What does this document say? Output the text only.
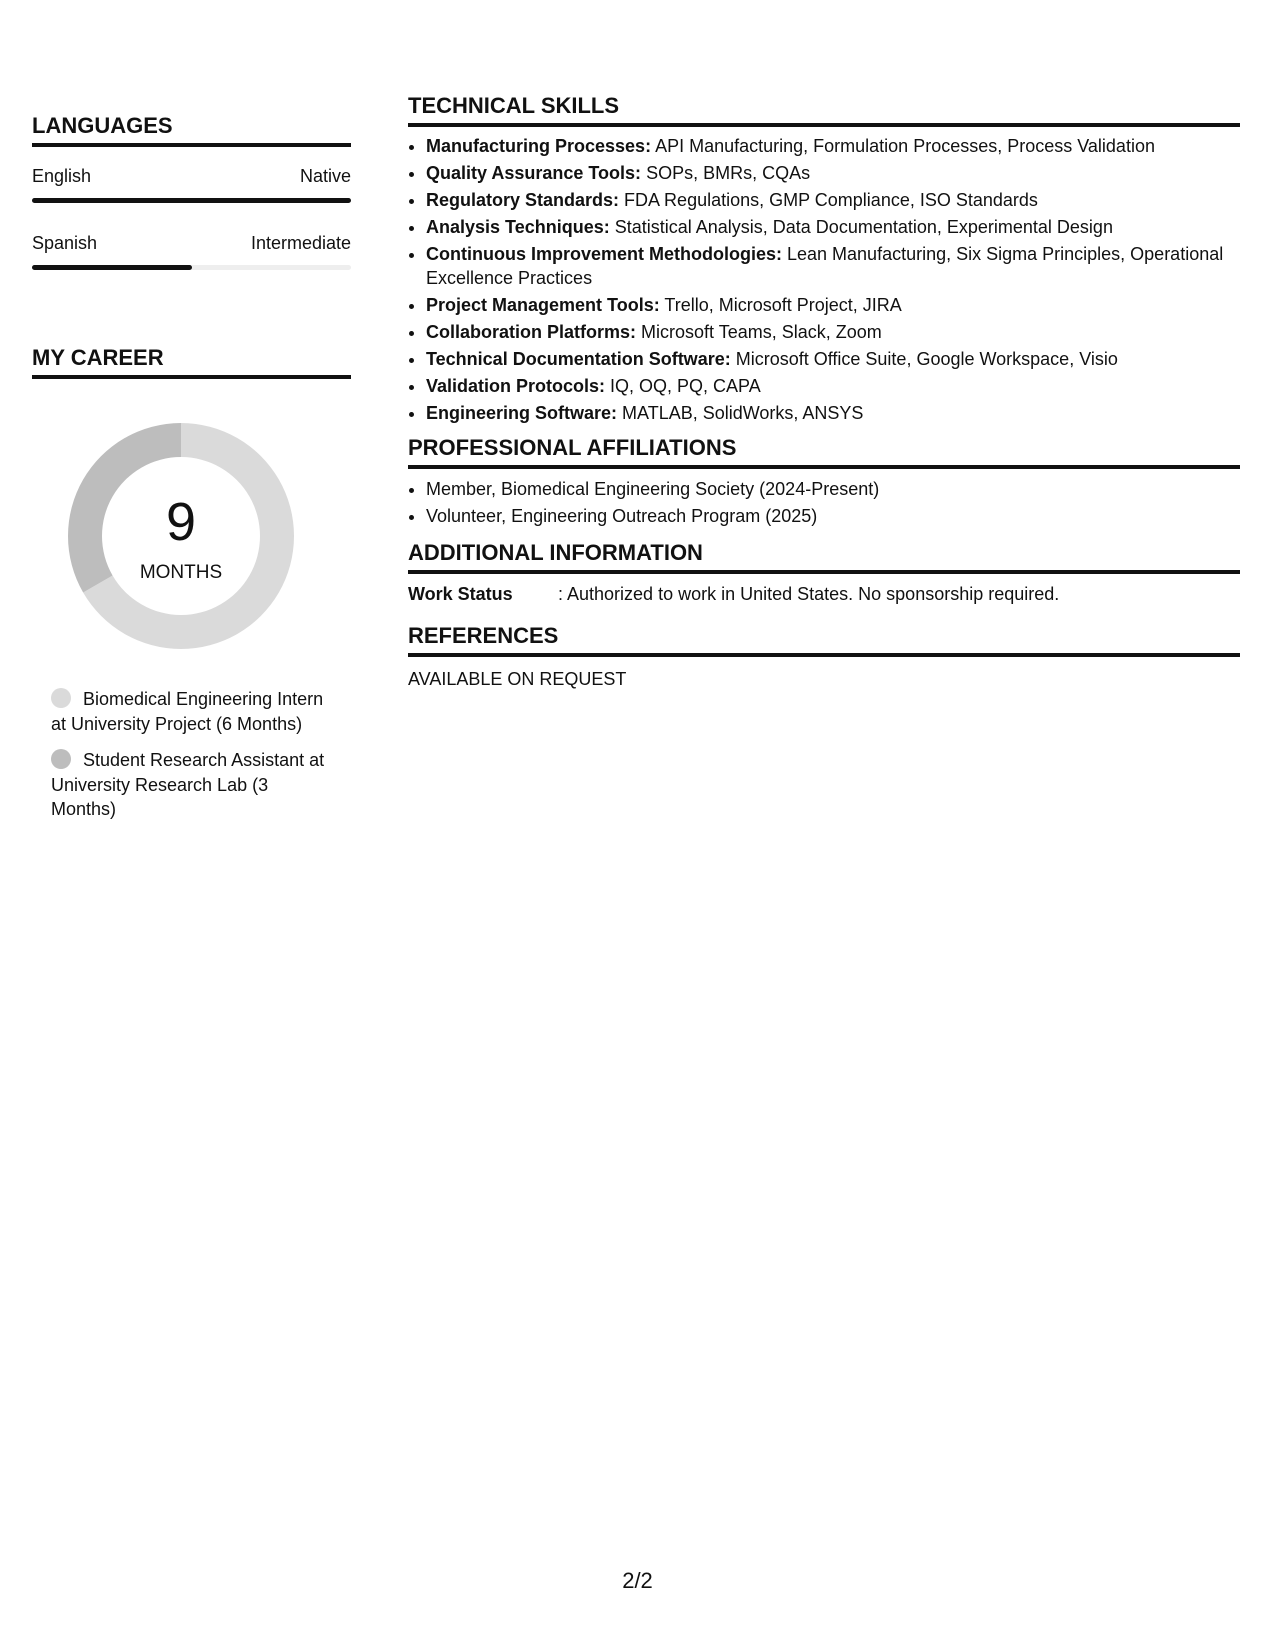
LANGUAGES
English	Native
Spanish	Intermediate
MY CAREER
9
MONTHS
Biomedical Engineering Intern at University Project (6 Months)
Student Research Assistant at University Research Lab (3 Months)
TECHNICAL SKILLS
• Manufacturing Processes: API Manufacturing, Formulation Processes, Process Validation
• Quality Assurance Tools: SOPs, BMRs, CQAs
• Regulatory Standards: FDA Regulations, GMP Compliance, ISO Standards
• Analysis Techniques: Statistical Analysis, Data Documentation, Experimental Design
• Continuous Improvement Methodologies: Lean Manufacturing, Six Sigma Principles, Operational Excellence Practices
• Project Management Tools: Trello, Microsoft Project, JIRA
• Collaboration Platforms: Microsoft Teams, Slack, Zoom
• Technical Documentation Software: Microsoft Office Suite, Google Workspace, Visio
• Validation Protocols: IQ, OQ, PQ, CAPA
• Engineering Software: MATLAB, SolidWorks, ANSYS
PROFESSIONAL AFFILIATIONS
• Member, Biomedical Engineering Society (2024-Present)
• Volunteer, Engineering Outreach Program (2025)
ADDITIONAL INFORMATION
Work Status	: Authorized to work in United States. No sponsorship required.
REFERENCES
AVAILABLE ON REQUEST
2/2
